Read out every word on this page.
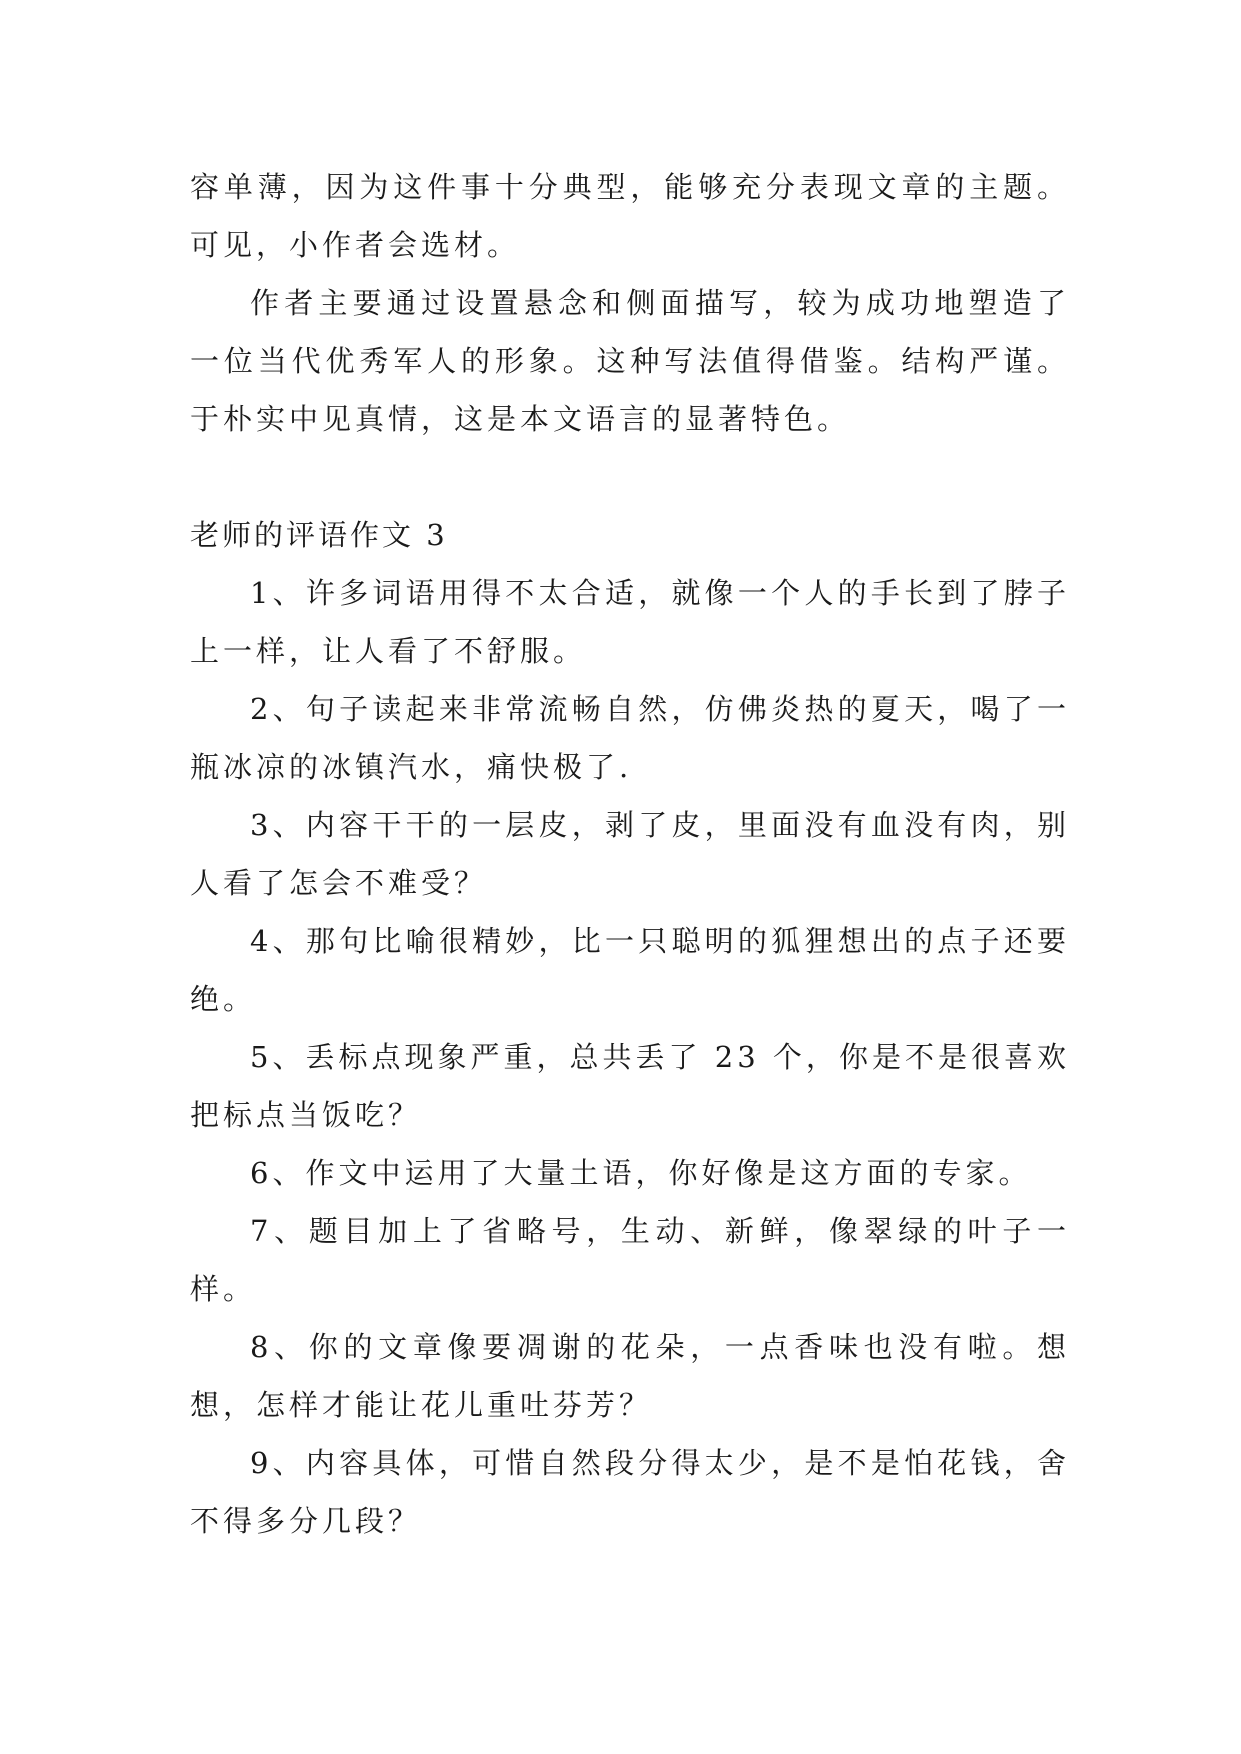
容单薄，因为这件事十分典型，能够充分表现文章的主题。可见，小作者会选材。

作者主要通过设置悬念和侧面描写，较为成功地塑造了一位当代优秀军人的形象。这种写法值得借鉴。结构严谨。于朴实中见真情，这是本文语言的显著特色。

老师的评语作文 3

1、许多词语用得不太合适，就像一个人的手长到了脖子上一样，让人看了不舒服。

2、句子读起来非常流畅自然，仿佛炎热的夏天，喝了一瓶冰凉的冰镇汽水，痛快极了.

3、内容干干的一层皮，剥了皮，里面没有血没有肉，别人看了怎会不难受？

4、那句比喻很精妙，比一只聪明的狐狸想出的点子还要绝。

5、丢标点现象严重，总共丢了 23 个，你是不是很喜欢把标点当饭吃？

6、作文中运用了大量土语，你好像是这方面的专家。

7、题目加上了省略号，生动、新鲜，像翠绿的叶子一样。

8、你的文章像要凋谢的花朵，一点香味也没有啦。想想，怎样才能让花儿重吐芬芳？

9、内容具体，可惜自然段分得太少，是不是怕花钱，舍不得多分几段？
